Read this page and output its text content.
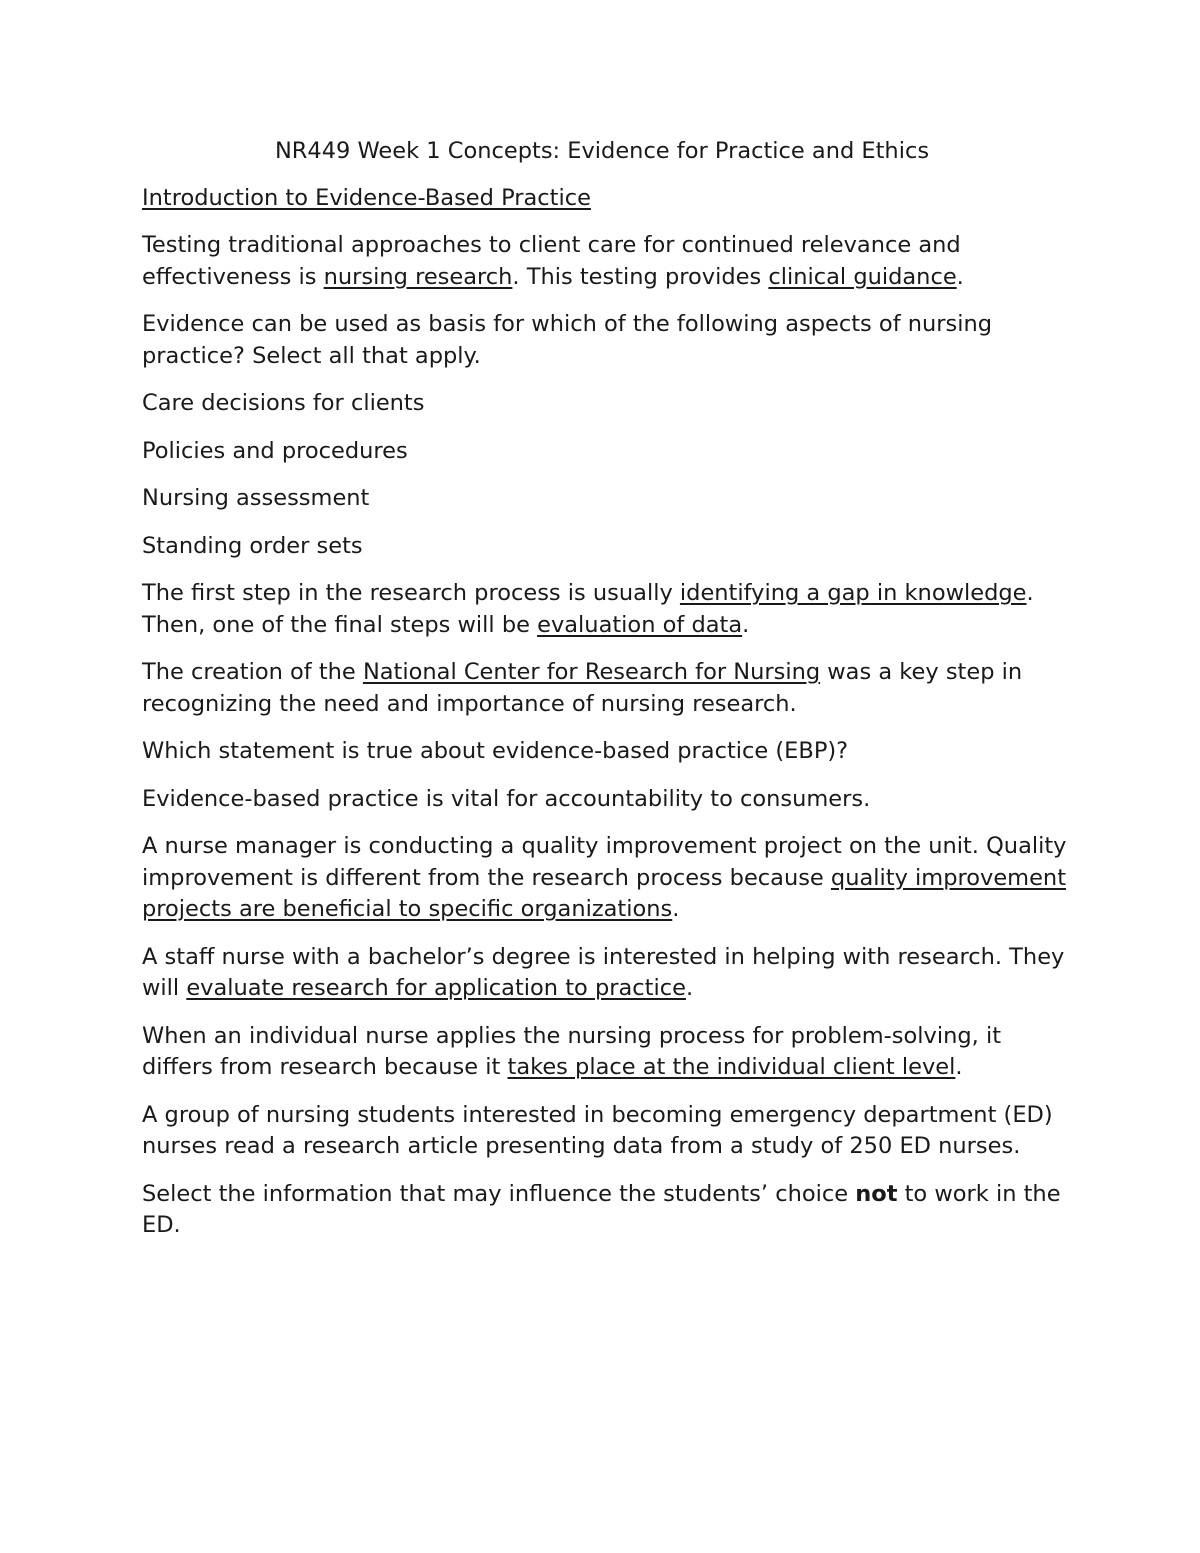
NR449 Week 1 Concepts: Evidence for Practice and Ethics

Introduction to Evidence-Based Practice

Testing traditional approaches to client care for continued relevance and effectiveness is nursing research. This testing provides clinical guidance.

Evidence can be used as basis for which of the following aspects of nursing practice? Select all that apply.

Care decisions for clients

Policies and procedures

Nursing assessment

Standing order sets

The first step in the research process is usually identifying a gap in knowledge. Then, one of the final steps will be evaluation of data.

The creation of the National Center for Research for Nursing was a key step in recognizing the need and importance of nursing research.

Which statement is true about evidence-based practice (EBP)?

Evidence-based practice is vital for accountability to consumers.

A nurse manager is conducting a quality improvement project on the unit. Quality improvement is different from the research process because quality improvement projects are beneficial to specific organizations.

A staff nurse with a bachelor’s degree is interested in helping with research. They will evaluate research for application to practice.

When an individual nurse applies the nursing process for problem-solving, it differs from research because it takes place at the individual client level.

A group of nursing students interested in becoming emergency department (ED) nurses read a research article presenting data from a study of 250 ED nurses.

Select the information that may influence the students’ choice not to work in the ED.
